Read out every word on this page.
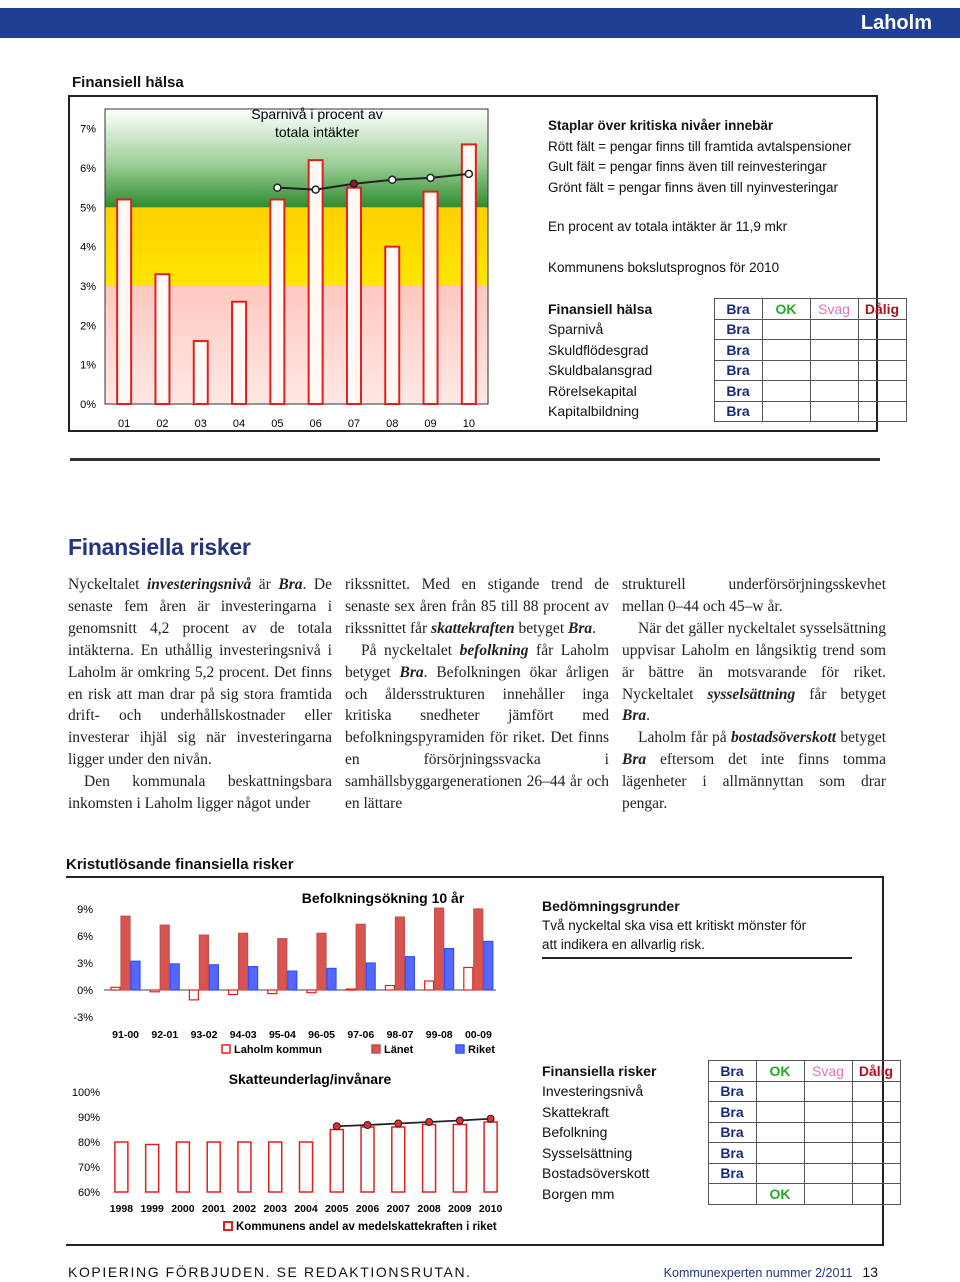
Laholm
Finansiell hälsa
7%
6%
5%
4%
3%
2%
1%
0%
01 02 03 04 05 06 07 08 09 10
Sparnivå i procent av
totala intäkter	Staplar över kritiska nivåer innebär
Rött fält = pengar finns till framtida avtalspensioner
Gult fält = pengar finns även till reinvesteringar
Grönt fält = pengar finns även till nyinvesteringar
En procent av totala intäkter är 11,9 mkr
Kommunens bokslutsprognos för 2010
Finansiell hälsa	Bra	OK	Svag	Dålig
Sparnivå	Bra			
Skuldflödesgrad	Bra			
Skuldbalansgrad	Bra			
Rörelsekapital	Bra			
Kapitalbildning	Bra			
Finansiella risker

Nyckeltalet investeringsnivå är Bra. De senaste fem åren är investeringarna i genomsnitt 4,2 procent av de totala intäkterna. En uthållig investeringsnivå i Laholm är omkring 5,2 procent. Det finns en risk att man drar på sig stora framtida drift- och underhållskostnader eller investerar ihjäl sig när investeringarna ligger under den nivån.

Den kommunala beskattningsbara inkomsten i Laholm ligger något under

rikssnittet. Med en stigande trend de senaste sex åren från 85 till 88 procent av rikssnittet får skattekraften betyget Bra.

På nyckeltalet befolkning får Laholm betyget Bra. Befolkningen ökar årligen och åldersstrukturen innehåller inga kritiska snedheter jämfört med befolkningspyramiden för riket. Det finns en försörjningssvacka i samhällsbyggargenerationen 26–44 år och en lättare

strukturell underförsörjningsskevhet mellan 0–44 och 45–w år.

När det gäller nyckeltalet sysselsättning uppvisar Laholm en långsiktig trend som är bättre än motsvarande för riket. Nyckeltalet sysselsättning får betyget Bra.

Laholm får på bostadsöverskott betyget Bra eftersom det inte finns tomma lägenheter i allmännyttan som drar pengar.

Kristutlösande finansiella risker
9%
6%
3%
0%
-3%
91-00 92-01 93-02 94-03 95-04 96-05 97-06 98-07 99-08 00-09
Laholm kommun	Länet	Riket
Befolkningsökning 10 år	Bedömningsgrunder
Två nyckeltal ska visa ett kritiskt mönster för
att indikera en allvarlig risk.
100%
90%
80%
70%
60%
1998 1999 2000 2001 2002 2003 2004 2005 2006 2007 2008 2009 2010
Skatteunderlag/invånare
Kommunens andel av medelskattekraften i riket
Finansiella risker	Bra	OK	Svag	Dålig
Investeringsnivå	Bra			
Skattekraft	Bra			
Befolkning	Bra			
Sysselsättning	Bra			
Bostadsöverskott	Bra			
Borgen mm		OK		
KOPIERING FÖRBJUDEN. SE REDAKTIONSRUTAN.	Kommunexperten nummer 2/2011 13
